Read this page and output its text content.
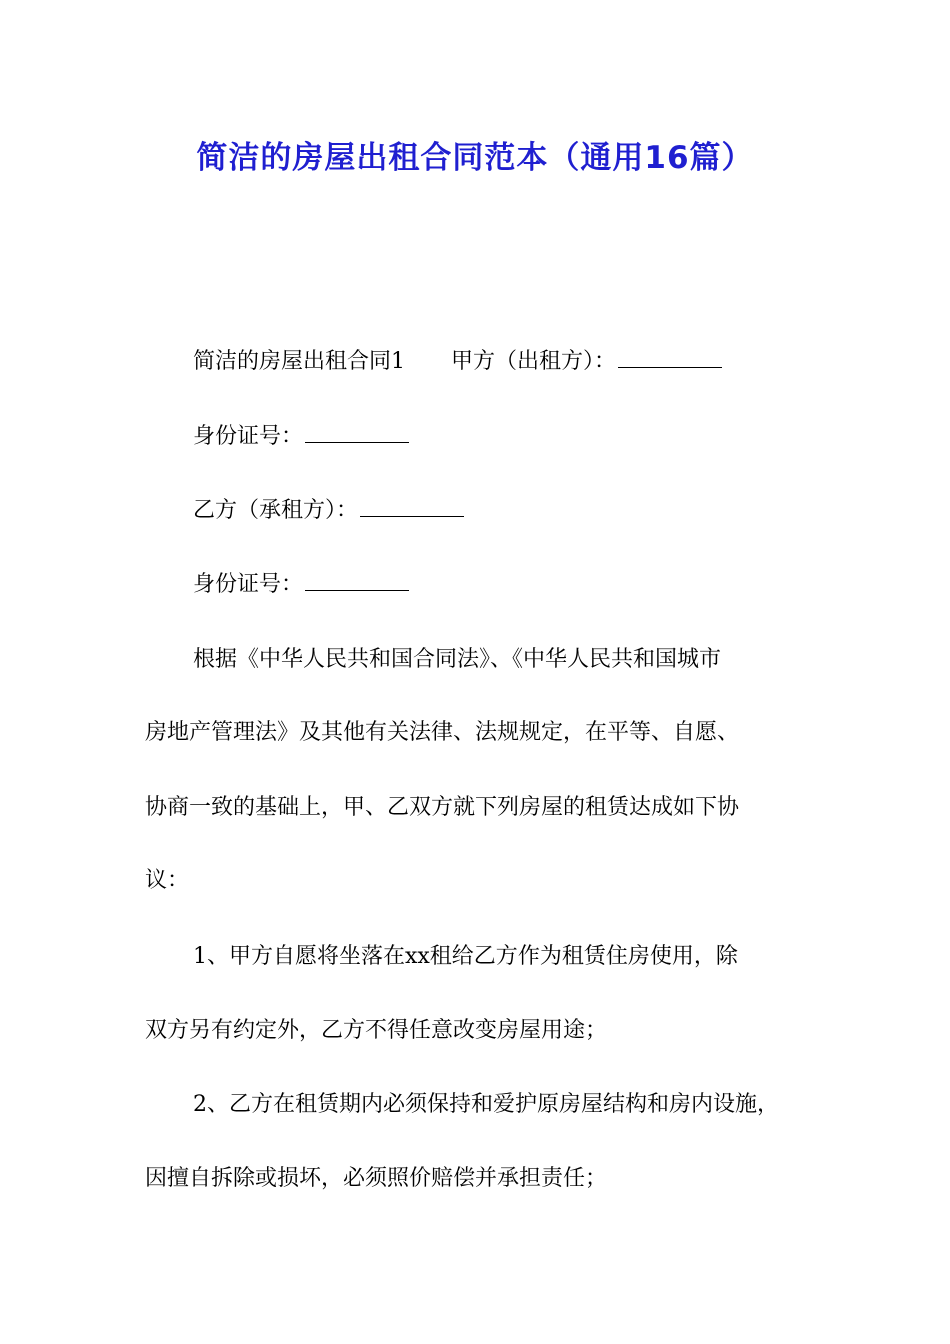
简洁的房屋出租合同范本（通用16篇）

简洁的房屋出租合同1 甲方（出租方）：

身份证号：

乙方（承租方）：

身份证号：

根据《中华人民共和国合同法》、《中华人民共和国城市

房地产管理法》及其他有关法律、法规规定，在平等、自愿、

协商一致的基础上，甲、乙双方就下列房屋的租赁达成如下协

议：

1、甲方自愿将坐落在xx租给乙方作为租赁住房使用，除

双方另有约定外，乙方不得任意改变房屋用途；

2、乙方在租赁期内必须保持和爱护原房屋结构和房内设施，

因擅自拆除或损坏，必须照价赔偿并承担责任；
